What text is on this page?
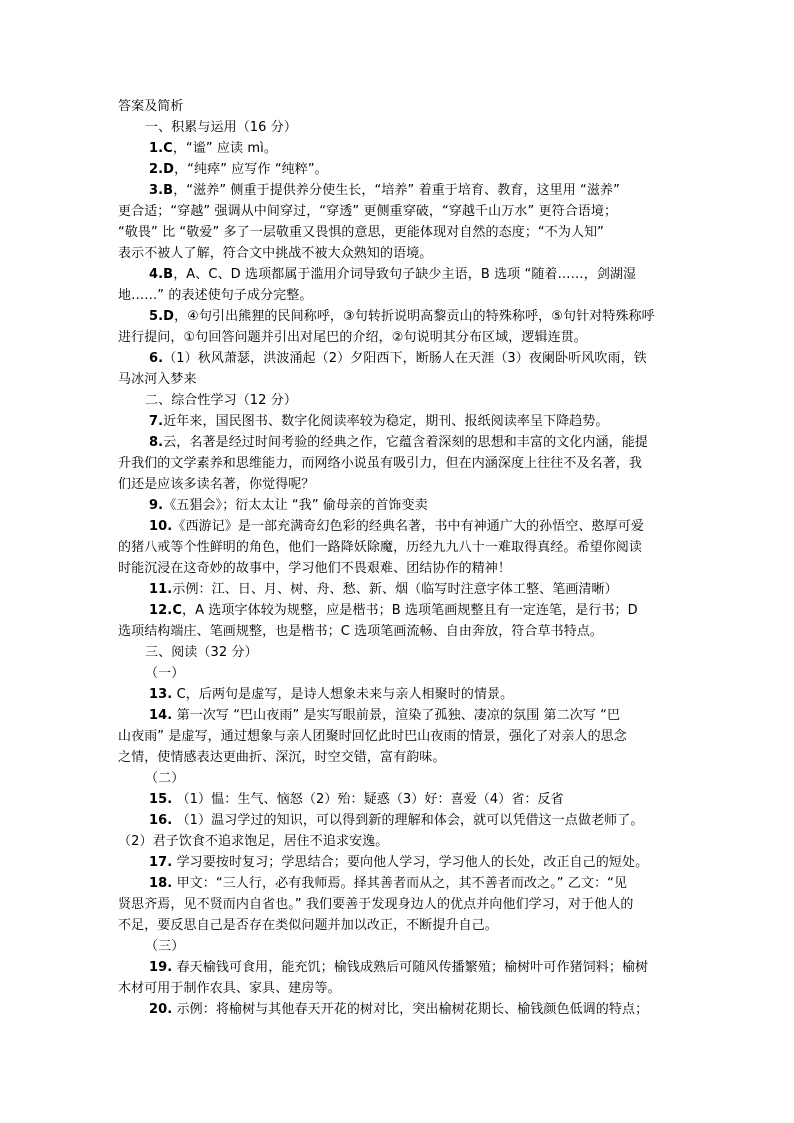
答案及简析
一、积累与运用（16 分）
1.C，“谧” 应读 mì。
2.D，“纯瘁” 应写作 “纯粹”。
3.B，“滋养” 侧重于提供养分使生长，“培养” 着重于培育、教育，这里用 “滋养”
更合适；“穿越” 强调从中间穿过，“穿透” 更侧重穿破，“穿越千山万水” 更符合语境；
“敬畏” 比 “敬爱” 多了一层敬重又畏惧的意思，更能体现对自然的态度；“不为人知”
表示不被人了解，符合文中挑战不被大众熟知的语境。
4.B，A、C、D 选项都属于滥用介词导致句子缺少主语，B 选项 “随着……，剑湖湿
地……” 的表述使句子成分完整。
5.D，④句引出熊狸的民间称呼，③句转折说明高黎贡山的特殊称呼，⑤句针对特殊称呼
进行提问，①句回答问题并引出对尾巴的介绍，②句说明其分布区域，逻辑连贯。
6.（1）秋风萧瑟，洪波涌起（2）夕阳西下，断肠人在天涯（3）夜阑卧听风吹雨，铁
马冰河入梦来
二、综合性学习（12 分）
7.近年来，国民图书、数字化阅读率较为稳定，期刊、报纸阅读率呈下降趋势。
8.云，名著是经过时间考验的经典之作，它蕴含着深刻的思想和丰富的文化内涵，能提
升我们的文学素养和思维能力，而网络小说虽有吸引力，但在内涵深度上往往不及名著，我
们还是应该多读名著，你觉得呢？
9.《五猖会》；衍太太让 “我” 偷母亲的首饰变卖
10.《西游记》是一部充满奇幻色彩的经典名著，书中有神通广大的孙悟空、憨厚可爱
的猪八戒等个性鲜明的角色，他们一路降妖除魔，历经九九八十一难取得真经。希望你阅读
时能沉浸在这奇妙的故事中，学习他们不畏艰难、团结协作的精神！
11.示例：江、日、月、树、舟、愁、新、烟（临写时注意字体工整、笔画清晰）
12.C，A 选项字体较为规整，应是楷书；B 选项笔画规整且有一定连笔，是行书；D
选项结构端庄、笔画规整，也是楷书；C 选项笔画流畅、自由奔放，符合草书特点。
三、阅读（32 分）
（一）
13. C，后两句是虚写，是诗人想象未来与亲人相聚时的情景。
14. 第一次写 “巴山夜雨” 是实写眼前景，渲染了孤独、凄凉的氛围 第二次写 “巴
山夜雨” 是虚写，通过想象与亲人团聚时回忆此时巴山夜雨的情景，强化了对亲人的思念
之情，使情感表达更曲折、深沉，时空交错，富有韵味。
（二）
15. （1）愠：生气、恼怒（2）殆：疑惑（3）好：喜爱（4）省：反省
16. （1）温习学过的知识，可以得到新的理解和体会，就可以凭借这一点做老师了。
（2）君子饮食不追求饱足，居住不追求安逸。
17. 学习要按时复习；学思结合；要向他人学习，学习他人的长处，改正自己的短处。
18. 甲文：“三人行，必有我师焉。择其善者而从之，其不善者而改之。” 乙文：“见
贤思齐焉，见不贤而内自省也。” 我们要善于发现身边人的优点并向他们学习，对于他人的
不足，要反思自己是否存在类似问题并加以改正，不断提升自己。
（三）
19. 春天榆钱可食用，能充饥；榆钱成熟后可随风传播繁殖；榆树叶可作猪饲料；榆树
木材可用于制作农具、家具、建房等。
20. 示例：将榆树与其他春天开花的树对比，突出榆树花期长、榆钱颜色低调的特点；
